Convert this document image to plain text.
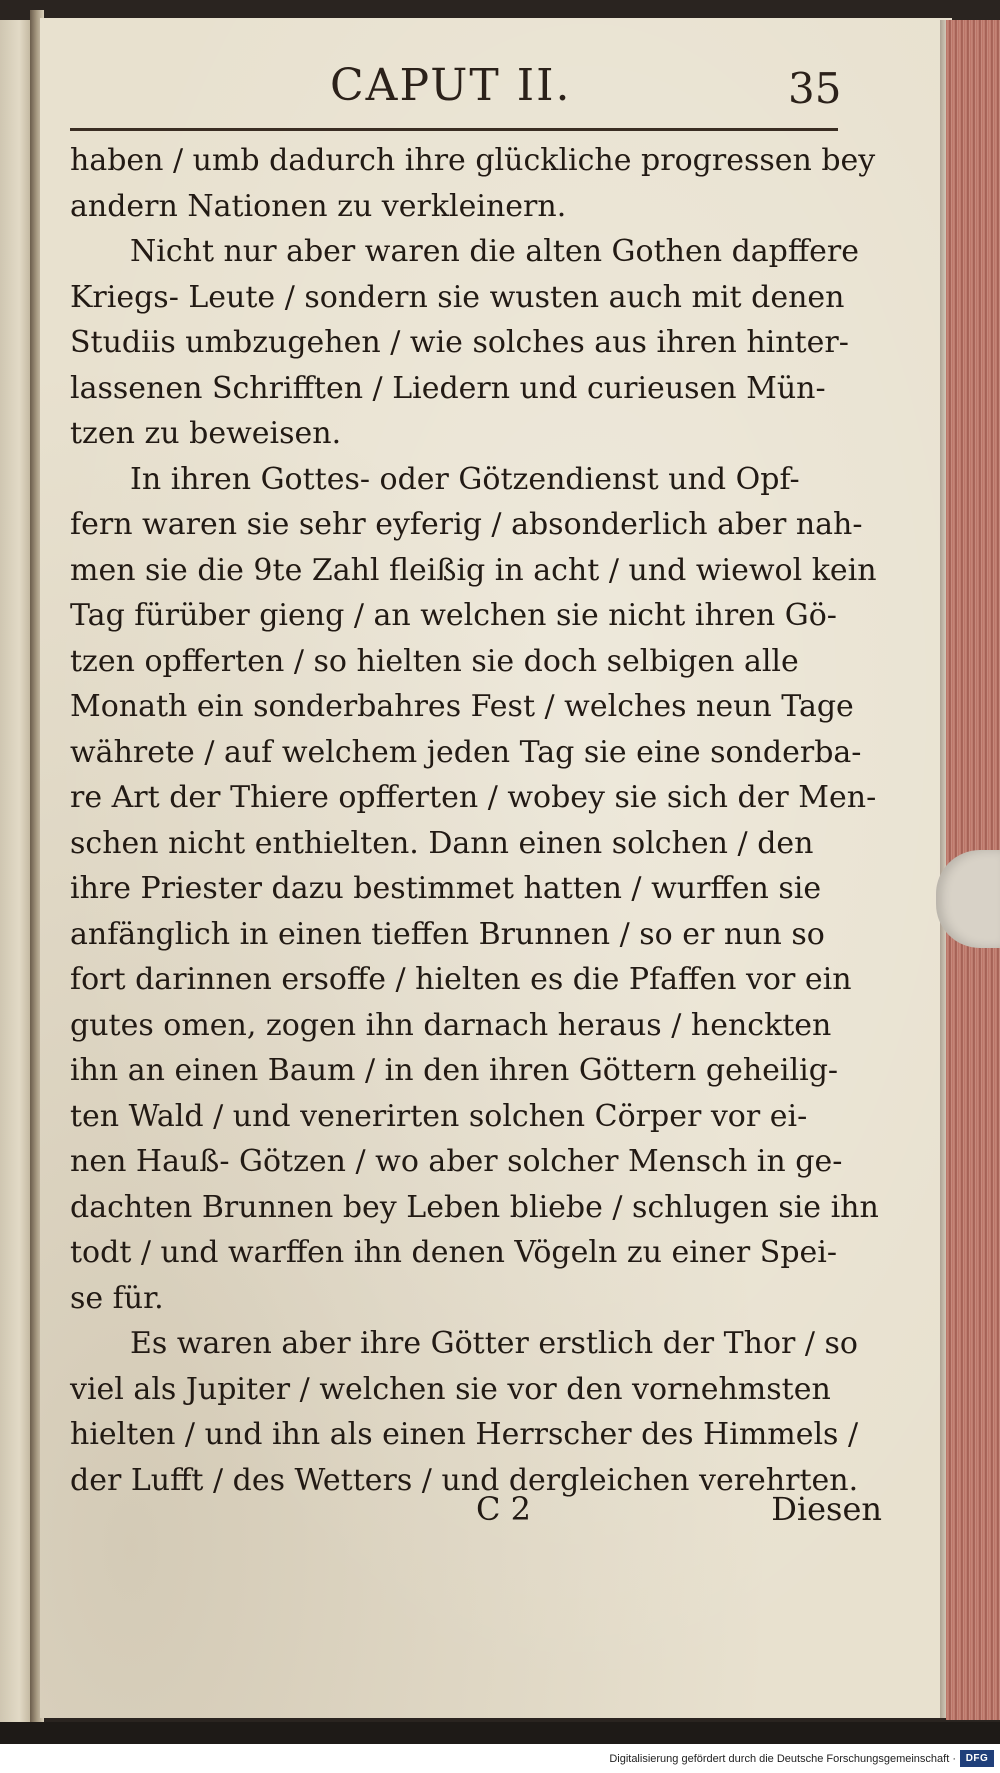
CAPUT II.	35
haben / umb dadurch ihre glückliche progressen bey
andern Nationen zu verkleinern.
Nicht nur aber waren die alten Gothen dapffere
Kriegs- Leute / sondern sie wusten auch mit denen
Studiis umbzugehen / wie solches aus ihren hinter-
lassenen Schrifften / Liedern und curieusen Mün-
tzen zu beweisen.
In ihren Gottes- oder Götzendienst und Opf-
fern waren sie sehr eyferig / absonderlich aber nah-
men sie die 9te Zahl fleißig in acht / und wiewol kein
Tag fürüber gieng / an welchen sie nicht ihren Gö-
tzen opfferten / so hielten sie doch selbigen alle
Monath ein sonderbahres Fest / welches neun Tage
währete / auf welchem jeden Tag sie eine sonderba-
re Art der Thiere opfferten / wobey sie sich der Men-
schen nicht enthielten. Dann einen solchen / den
ihre Priester dazu bestimmet hatten / wurffen sie
anfänglich in einen tieffen Brunnen / so er nun so
fort darinnen ersoffe / hielten es die Pfaffen vor ein
gutes omen, zogen ihn darnach heraus / henckten
ihn an einen Baum / in den ihren Göttern geheilig-
ten Wald / und venerirten solchen Cörper vor ei-
nen Hauß- Götzen / wo aber solcher Mensch in ge-
dachten Brunnen bey Leben bliebe / schlugen sie ihn
todt / und warffen ihn denen Vögeln zu einer Spei-
se für.
Es waren aber ihre Götter erstlich der Thor / so
viel als Jupiter / welchen sie vor den vornehmsten
hielten / und ihn als einen Herrscher des Himmels /
der Lufft / des Wetters / und dergleichen verehrten.
C 2	Diesen
Digitalisierung gefördert durch die Deutsche Forschungsgemeinschaft · DFG
